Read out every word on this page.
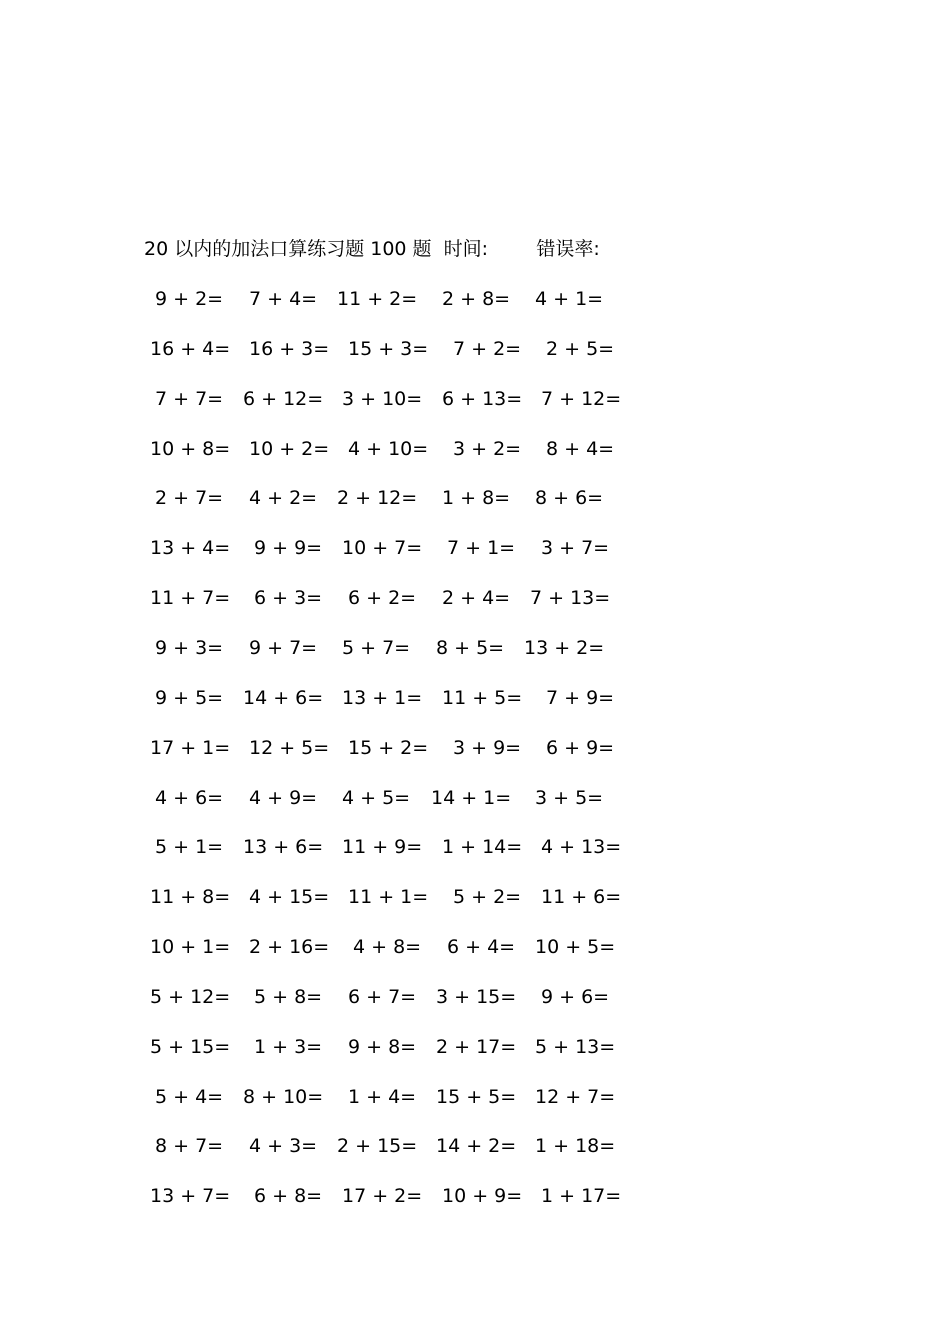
20 以内的加法口算练习题 100 题  时间:        错误率:
9 + 2= 7 + 4= 11 + 2= 2 + 8= 4 + 1=
16 + 4= 16 + 3= 15 + 3= 7 + 2= 2 + 5=
7 + 7= 6 + 12= 3 + 10= 6 + 13= 7 + 12=
10 + 8= 10 + 2= 4 + 10= 3 + 2= 8 + 4=
2 + 7= 4 + 2= 2 + 12= 1 + 8= 8 + 6=
13 + 4= 9 + 9= 10 + 7= 7 + 1= 3 + 7=
11 + 7= 6 + 3= 6 + 2= 2 + 4= 7 + 13=
9 + 3= 9 + 7= 5 + 7= 8 + 5= 13 + 2=
9 + 5= 14 + 6= 13 + 1= 11 + 5= 7 + 9=
17 + 1= 12 + 5= 15 + 2= 3 + 9= 6 + 9=
4 + 6= 4 + 9= 4 + 5= 14 + 1= 3 + 5=
5 + 1= 13 + 6= 11 + 9= 1 + 14= 4 + 13=
11 + 8= 4 + 15= 11 + 1= 5 + 2= 11 + 6=
10 + 1= 2 + 16= 4 + 8= 6 + 4= 10 + 5=
5 + 12= 5 + 8= 6 + 7= 3 + 15= 9 + 6=
5 + 15= 1 + 3= 9 + 8= 2 + 17= 5 + 13=
5 + 4= 8 + 10= 1 + 4= 15 + 5= 12 + 7=
8 + 7= 4 + 3= 2 + 15= 14 + 2= 1 + 18=
13 + 7= 6 + 8= 17 + 2= 10 + 9= 1 + 17=
